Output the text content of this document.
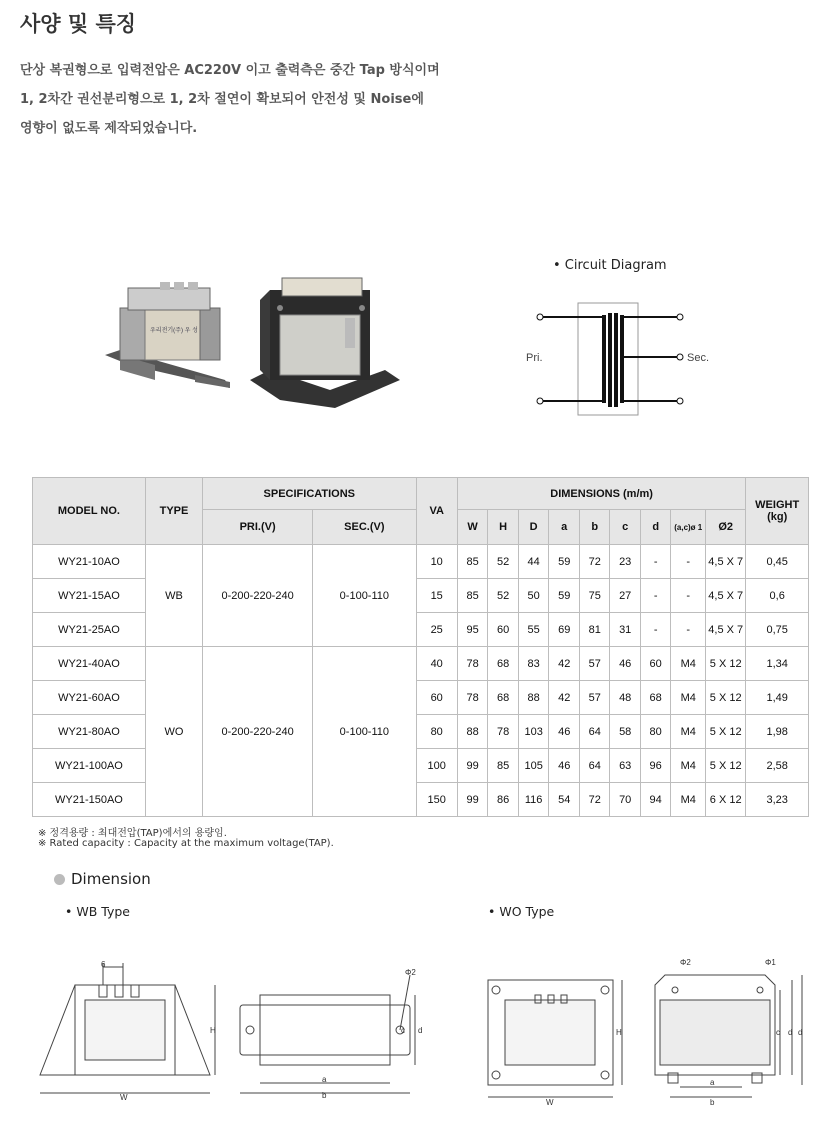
사양 및 특징
단상 복권형으로 입력전압은 AC220V 이고 출력측은 중간 Tap 방식이며
1, 2차간 권선분리형으로 1, 2차 절연이 확보되어 안전성 및 Noise에
영향이 없도록 제작되었습니다.
우리전기(주) 우 성
• Circuit Diagram
Pri.	Sec.
MODEL NO.	TYPE	SPECIFICATIONS		VA	DIMENSIONS (m/m)									WEIGHT
(kg)
		PRI.(V)	SEC.(V)		W	H	D	a	b	c	d	(a,c)ø 1	Ø2	
WY21-10AO	WB	0-200-220-240	0-100-110	10	85	52	44	59	72	23	-	-	4,5 X 7	0,45
WY21-15AO				15	85	52	50	59	75	27	-	-	4,5 X 7	0,6
WY21-25AO				25	95	60	55	69	81	31	-	-	4,5 X 7	0,75
WY21-40AO	WO	0-200-220-240	0-100-110	40	78	68	83	42	57	46	60	M4	5 X 12	1,34
WY21-60AO				60	78	68	88	42	57	48	68	M4	5 X 12	1,49
WY21-80AO				80	88	78	103	46	64	58	80	M4	5 X 12	1,98
WY21-100AO				100	99	85	105	46	64	63	96	M4	5 X 12	2,58
WY21-150AO				150	99	86	116	54	72	70	94	M4	6 X 12	3,23
※ 정격용량 : 최대전압(TAP)에서의 용량임.
※ Rated capacity : Capacity at the maximum voltage(TAP).
Dimension
• WB Type	• WO Type
6
H
W
a
b
Φ2
c d	H
W
a
b
Φ2	Φ1
c d d
